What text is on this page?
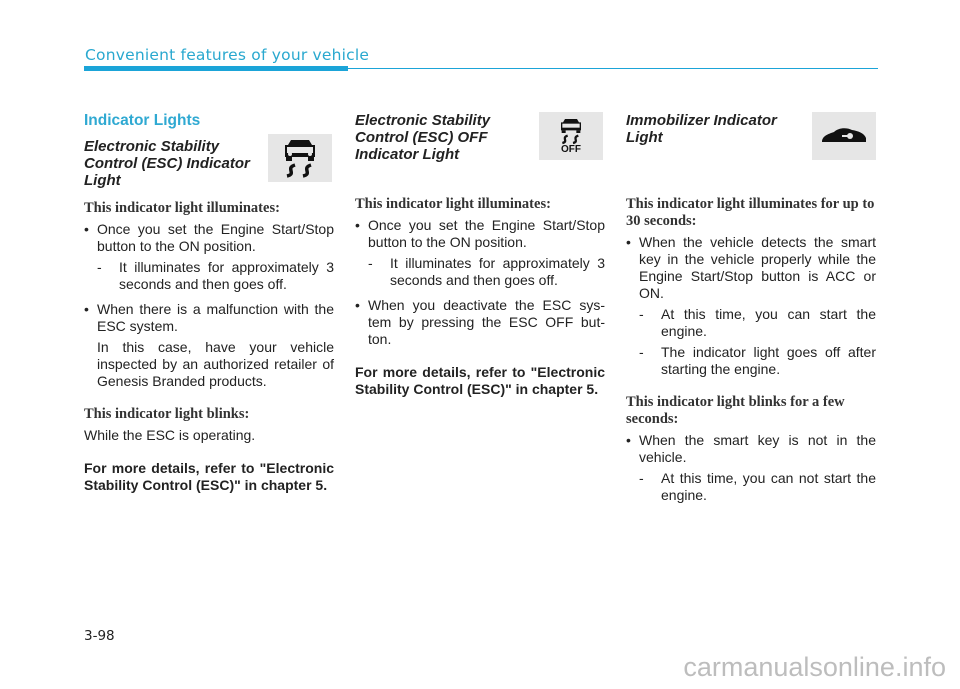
Convenient features of your vehicle
Indicator Lights
Electronic Stability Control (ESC) Indicator Light
This indicator light illuminates:
• Once you set the Engine Start/Stop button to the ON position.
- It illuminates for approximately 3 seconds and then goes off.
• When there is a malfunction with the ESC system.
In this case, have your vehicle inspected by an authorized retailer of Genesis Branded products.
This indicator light blinks:
While the ESC is operating.
For more details, refer to "Electronic Stability Control (ESC)" in chapter 5.
Electronic Stability Control (ESC) OFF Indicator Light	OFF
This indicator light illuminates:
• Once you set the Engine Start/Stop button to the ON position.
- It illuminates for approximately 3 seconds and then goes off.
• When you deactivate the ESC sys-tem by pressing the ESC OFF but-ton.
For more details, refer to "Electronic Stability Control (ESC)" in chapter 5.
Immobilizer Indicator Light
This indicator light illuminates for up to 30 seconds:
• When the vehicle detects the smart key in the vehicle properly while the Engine Start/Stop button is ACC or ON.
- At this time, you can start the engine.
- The indicator light goes off after starting the engine.
This indicator light blinks for a few seconds:
• When the smart key is not in the vehicle.
- At this time, you can not start the engine.
3-98
carmanualsonline.info
